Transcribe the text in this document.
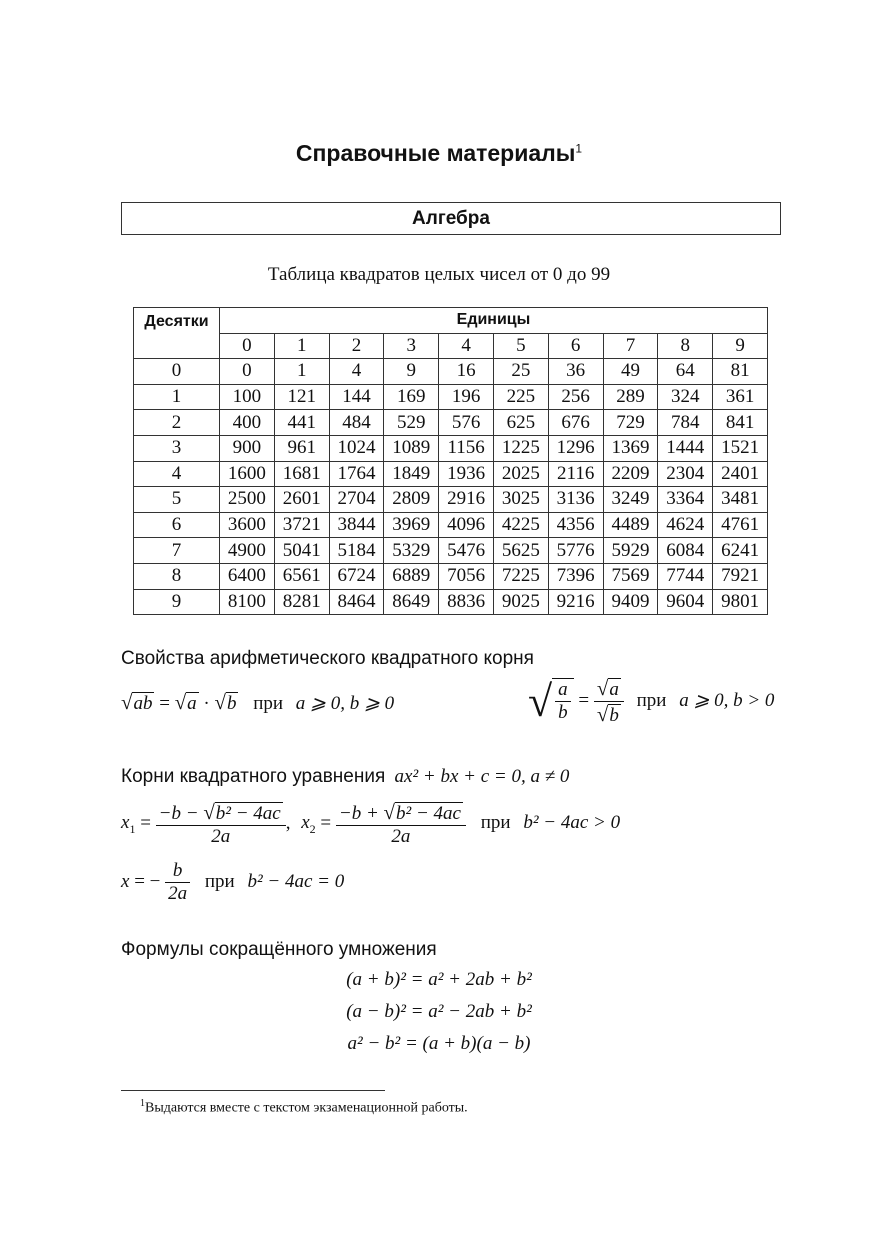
Справочные материалы$^1$
Алгебра
Таблица квадратов целых чисел от 0 до 99
Десятки	Единицы									
	0	1	2	3	4	5	6	7	8	9
0	0	1	4	9	16	25	36	49	64	81
1	100	121	144	169	196	225	256	289	324	361
2	400	441	484	529	576	625	676	729	784	841
3	900	961	1024	1089	1156	1225	1296	1369	1444	1521
4	1600	1681	1764	1849	1936	2025	2116	2209	2304	2401
5	2500	2601	2704	2809	2916	3025	3136	3249	3364	3481
6	3600	3721	3844	3969	4096	4225	4356	4489	4624	4761
7	4900	5041	5184	5329	5476	5625	5776	5929	6084	6241
8	6400	6561	6724	6889	7056	7225	7396	7569	7744	7921
9	8100	8281	8464	8649	8836	9025	9216	9409	9604	9801
Свойства арифметического квадратного корня
√ab = √a · √b при a ⩾ 0, b ⩾ 0	√ $\frac{a}{b} = \frac{√a}{√b}$ при a ⩾ 0, b > 0
Корни квадратного уравнения ax² + bx + c = 0, a ≠ 0
$x_1 = \frac{\text{−b − √b² − 4ac}}{2a}$ , $x_2 = \frac{\text{−b + √b² − 4ac}}{2a}$ при b² − 4ac > 0
x = − $\frac{b}{2a}$ при b² − 4ac = 0
Формулы сокращённого умножения
(a + b)² = a² + 2ab + b²
(a − b)² = a² − 2ab + b²
a² − b² = (a + b)(a − b)
$^1$Выдаются вместе с текстом экзаменационной работы.
